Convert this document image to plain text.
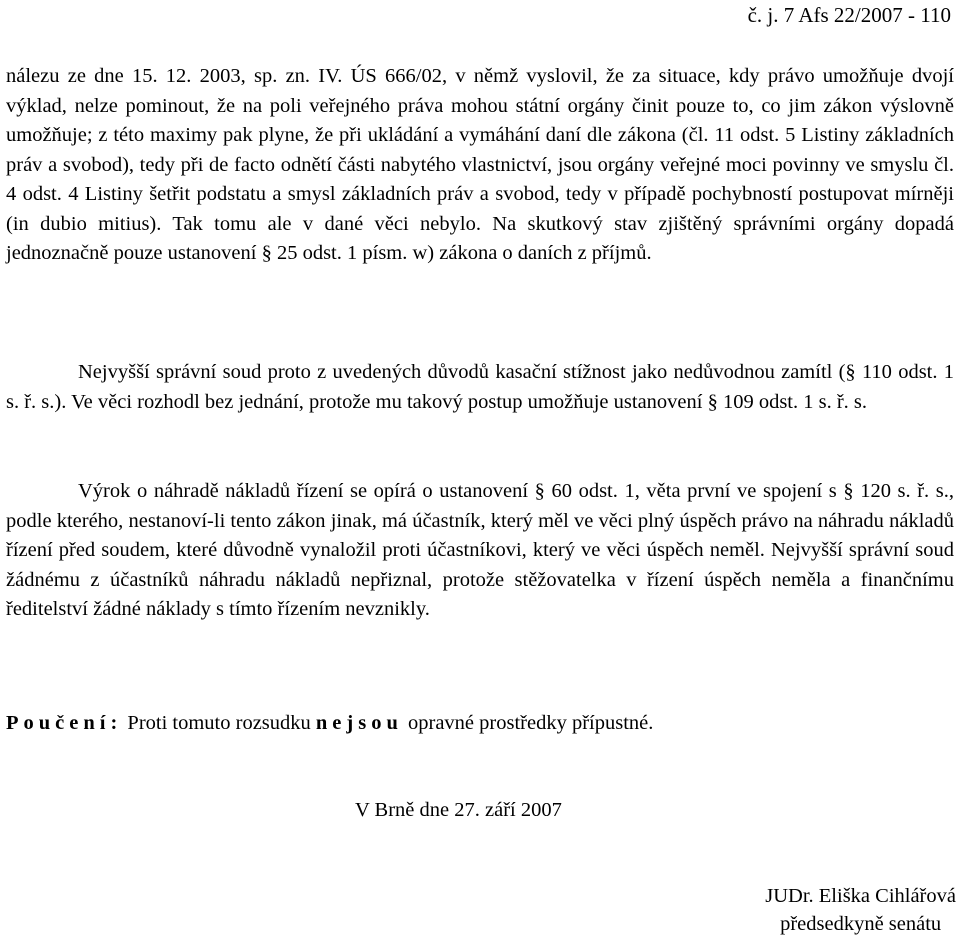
č. j. 7 Afs 22/2007 - 110

nálezu ze dne 15. 12. 2003, sp. zn. IV. ÚS 666/02, v němž vyslovil, že za situace, kdy právo umožňuje dvojí výklad, nelze pominout, že na poli veřejného práva mohou státní orgány činit pouze to, co jim zákon výslovně umožňuje; z této maximy pak plyne, že při ukládání a vymáhání daní dle zákona (čl. 11 odst. 5 Listiny základních práv a svobod), tedy při de facto odnětí části nabytého vlastnictví, jsou orgány veřejné moci povinny ve smyslu čl. 4 odst. 4 Listiny šetřit podstatu a smysl základních práv a svobod, tedy v případě pochybností postupovat mírněji (in dubio mitius). Tak tomu ale v dané věci nebylo. Na skutkový stav zjištěný správními orgány dopadá jednoznačně pouze ustanovení § 25 odst. 1 písm. w) zákona o daních z příjmů.

Nejvyšší správní soud proto z uvedených důvodů kasační stížnost jako nedůvodnou zamítl (§ 110 odst. 1 s. ř. s.). Ve věci rozhodl bez jednání, protože mu takový postup umožňuje ustanovení § 109 odst. 1 s. ř. s.

Výrok o náhradě nákladů řízení se opírá o ustanovení § 60 odst. 1, věta první ve spojení s § 120 s. ř. s., podle kterého, nestanoví-li tento zákon jinak, má účastník, který měl ve věci plný úspěch právo na náhradu nákladů řízení před soudem, které důvodně vynaložil proti účastníkovi, který ve věci úspěch neměl. Nejvyšší správní soud žádnému z účastníků náhradu nákladů nepřiznal, protože stěžovatelka v řízení úspěch neměla a finančnímu ředitelství žádné náklady s tímto řízením nevznikly.

Poučení: Proti tomuto rozsudku nejsou opravné prostředky přípustné.

V Brně dne 27. září 2007
JUDr. Eliška Cihlářová
předsedkyně senátu
